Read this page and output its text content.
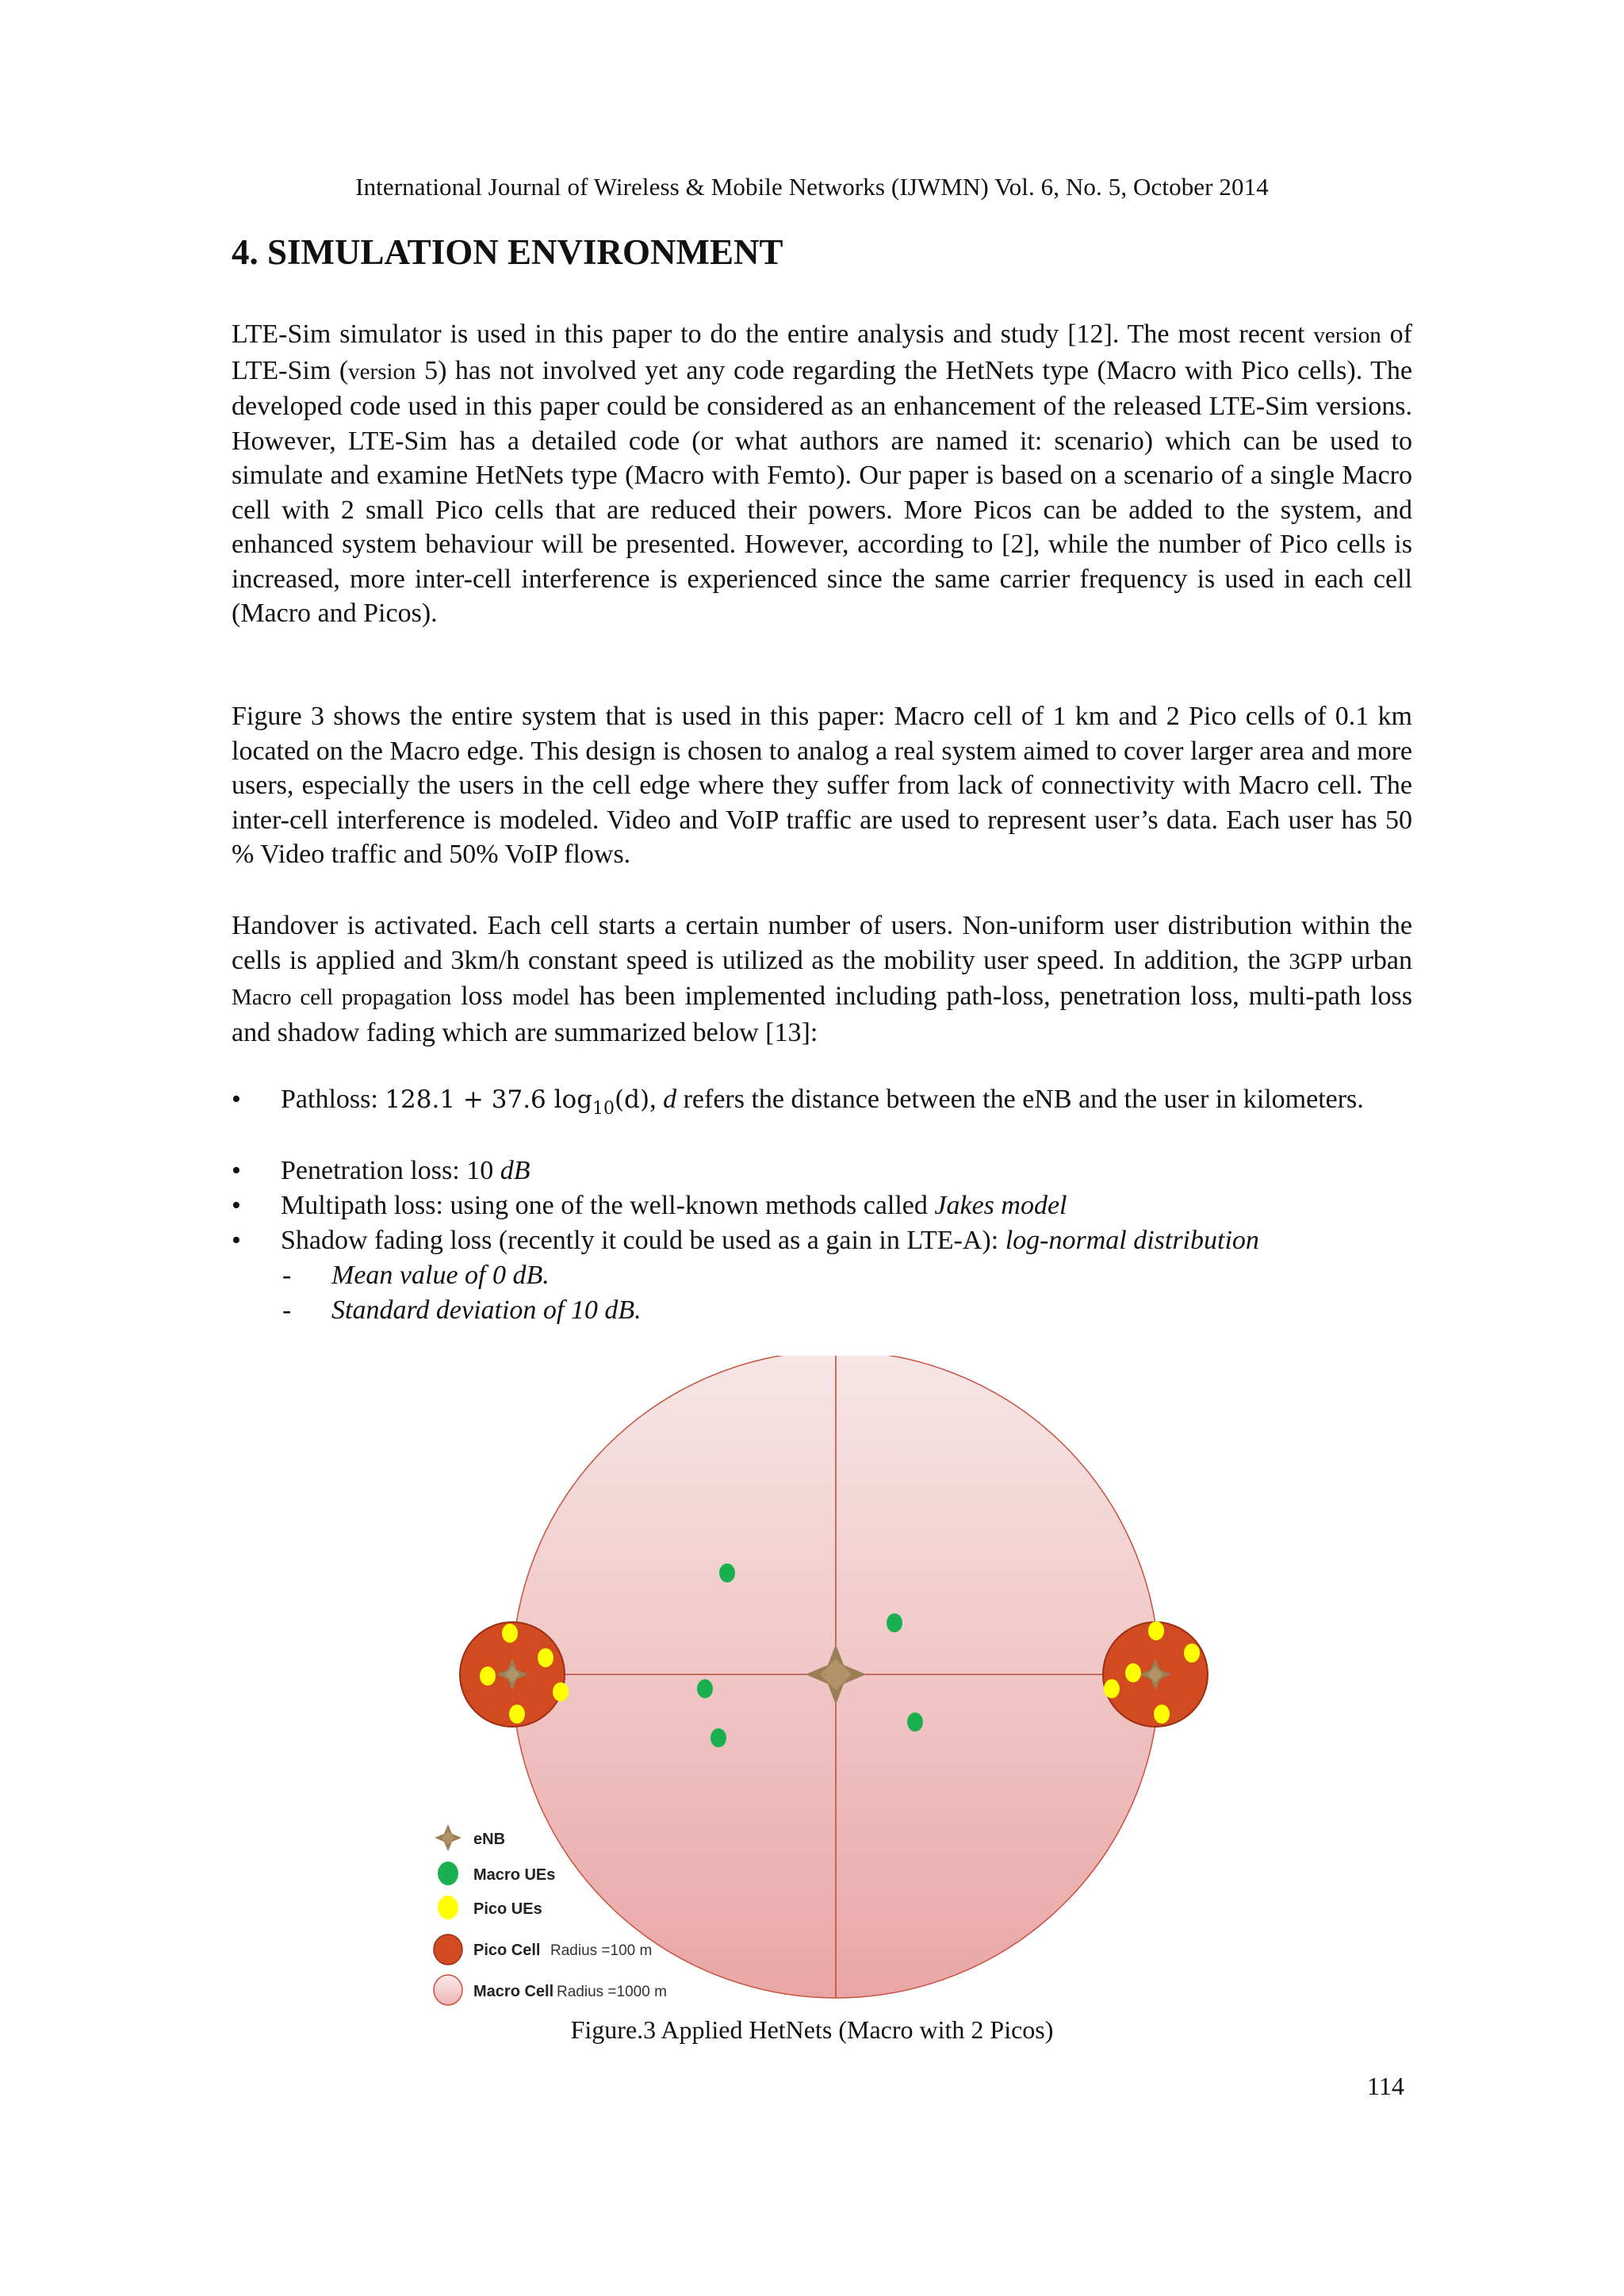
International Journal of Wireless & Mobile Networks (IJWMN) Vol. 6, No. 5, October 2014
4. SIMULATION ENVIRONMENT
LTE-Sim simulator is used in this paper to do the entire analysis and study [12]. The most recent version of LTE-Sim (version 5) has not involved yet any code regarding the HetNets type (Macro with Pico cells). The developed code used in this paper could be considered as an enhancement of the released LTE-Sim versions. However, LTE-Sim has a detailed code (or what authors are named it: scenario) which can be used to simulate and examine HetNets type (Macro with Femto). Our paper is based on a scenario of a single Macro cell with 2 small Pico cells that are reduced their powers. More Picos can be added to the system, and enhanced system behaviour will be presented. However, according to [2], while the number of Pico cells is increased, more inter-cell interference is experienced since the same carrier frequency is used in each cell (Macro and Picos).
Figure 3 shows the entire system that is used in this paper: Macro cell of 1 km and 2 Pico cells of 0.1 km located on the Macro edge. This design is chosen to analog a real system aimed to cover larger area and more users, especially the users in the cell edge where they suffer from lack of connectivity with Macro cell. The inter-cell interference is modeled. Video and VoIP traffic are used to represent user’s data. Each user has 50 % Video traffic and 50% VoIP flows.
Handover is activated. Each cell starts a certain number of users. Non-uniform user distribution within the cells is applied and 3km/h constant speed is utilized as the mobility user speed. In addition, the 3GPP urban Macro cell propagation loss model has been implemented including path-loss, penetration loss, multi-path loss and shadow fading which are summarized below [13]:
• Pathloss: 128.1 + 37.6 $\log_{10}(d)$, d refers the distance between the eNB and the user in kilometers.
• Penetration loss: 10 dB
• Multipath loss: using one of the well-known methods called Jakes model
• Shadow fading loss (recently it could be used as a gain in LTE-A): log-normal distribution
- Mean value of 0 dB.
- Standard deviation of 10 dB.
eNB
Macro UEs
Pico UEs
Pico Cell Radius =100 m
Macro Cell Radius =1000 m
Figure.3 Applied HetNets (Macro with 2 Picos)
114
